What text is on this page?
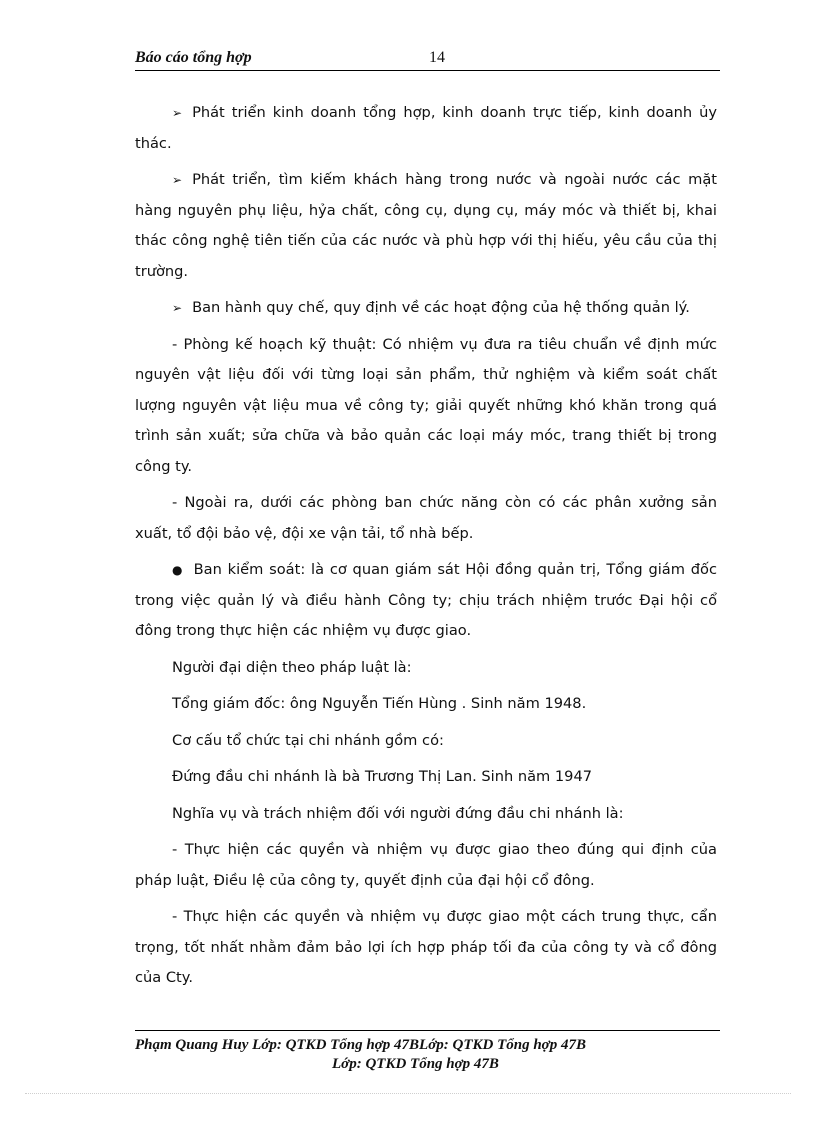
Báo cáo tổng hợp	14

➢ Phát triển kinh doanh tổng hợp, kinh doanh trực tiếp, kinh doanh ủy thác.

➢ Phát triển, tìm kiếm khách hàng trong nước và ngoài nước các mặt hàng nguyên phụ liệu, hỷa chất, công cụ, dụng cụ, máy móc và thiết bị, khai thác công nghệ tiên tiến của các nước và phù hợp với thị hiếu, yêu cầu của thị trường.

➢ Ban hành quy chế, quy định về các hoạt động của hệ thống quản lý.

- Phòng kế hoạch kỹ thuật: Có nhiệm vụ đưa ra tiêu chuẩn về định mức nguyên vật liệu đối với từng loại sản phẩm, thử nghiệm và kiểm soát chất lượng nguyên vật liệu mua về công ty; giải quyết những khó khăn trong quá trình sản xuất; sửa chữa và bảo quản các loại máy móc, trang thiết bị trong công ty.

- Ngoài ra, dưới các phòng ban chức năng còn có các phân xưởng sản xuất, tổ đội bảo vệ, đội xe vận tải, tổ nhà bếp.

● Ban kiểm soát: là cơ quan giám sát Hội đồng quản trị, Tổng giám đốc trong việc quản lý và điều hành Công ty; chịu trách nhiệm trước Đại hội cổ đông trong thực hiện các nhiệm vụ được giao.

Người đại diện theo pháp luật là:

Tổng giám đốc: ông Nguyễn Tiến Hùng . Sinh năm 1948.

Cơ cấu tổ chức tại chi nhánh gồm có:

Đứng đầu chi nhánh là bà Trương Thị Lan. Sinh năm 1947

Nghĩa vụ và trách nhiệm đối với người đứng đầu chi nhánh là:

- Thực hiện các quyền và nhiệm vụ được giao theo đúng qui định của pháp luật, Điều lệ của công ty, quyết định của đại hội cổ đông.

- Thực hiện các quyền và nhiệm vụ được giao một cách trung thực, cẩn trọng, tốt nhất nhằm đảm bảo lợi ích hợp pháp tối đa của công ty và cổ đông của Cty.

Phạm Quang Huy Lớp: QTKD Tổng hợp 47BLớp: QTKD Tổng hợp 47B
Lớp: QTKD Tổng hợp 47B
